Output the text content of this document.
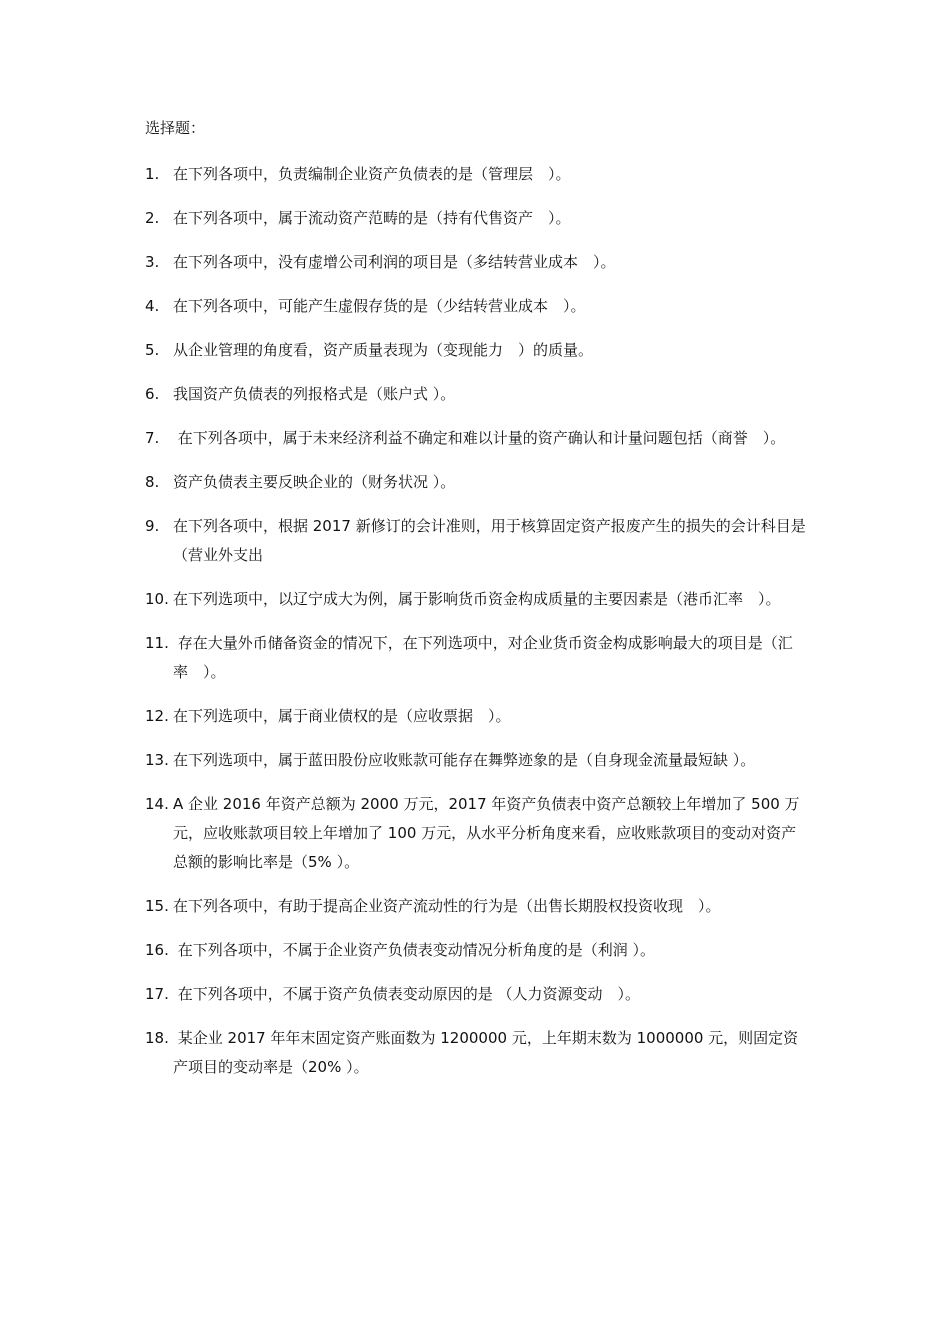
选择题：
1. 在下列各项中，负责编制企业资产负债表的是（管理层　）。
2. 在下列各项中，属于流动资产范畴的是（持有代售资产　）。
3. 在下列各项中，没有虚增公司利润的项目是（多结转营业成本　）。
4. 在下列各项中，可能产生虚假存货的是（少结转营业成本　）。
5. 从企业管理的角度看，资产质量表现为（变现能力　）的质量。
6. 我国资产负债表的列报格式是（账户式 ）。
7. 在下列各项中，属于未来经济利益不确定和难以计量的资产确认和计量问题包括（商誉　）。
8. 资产负债表主要反映企业的（财务状况 ）。
9. 在下列各项中，根据 2017 新修订的会计准则，用于核算固定资产报废产生的损失的会计科目是（营业外支出
10. 在下列选项中，以辽宁成大为例，属于影响货币资金构成质量的主要因素是（港币汇率　）。
11. 存在大量外币储备资金的情况下，在下列选项中，对企业货币资金构成影响最大的项目是（汇率　）。
12. 在下列选项中，属于商业债权的是（应收票据　）。
13. 在下列选项中，属于蓝田股份应收账款可能存在舞弊迹象的是（自身现金流量最短缺 ）。
14. A 企业 2016 年资产总额为 2000 万元，2017 年资产负债表中资产总额较上年增加了 500 万元，应收账款项目较上年增加了 100 万元，从水平分析角度来看，应收账款项目的变动对资产总额的影响比率是（5% ）。
15. 在下列各项中，有助于提高企业资产流动性的行为是（出售长期股权投资收现　）。
16. 在下列各项中，不属于企业资产负债表变动情况分析角度的是（利润 ）。
17. 在下列各项中，不属于资产负债表变动原因的是 （人力资源变动　）。
18. 某企业 2017 年年末固定资产账面数为 1200000 元，上年期末数为 1000000 元，则固定资产项目的变动率是（20% ）。
